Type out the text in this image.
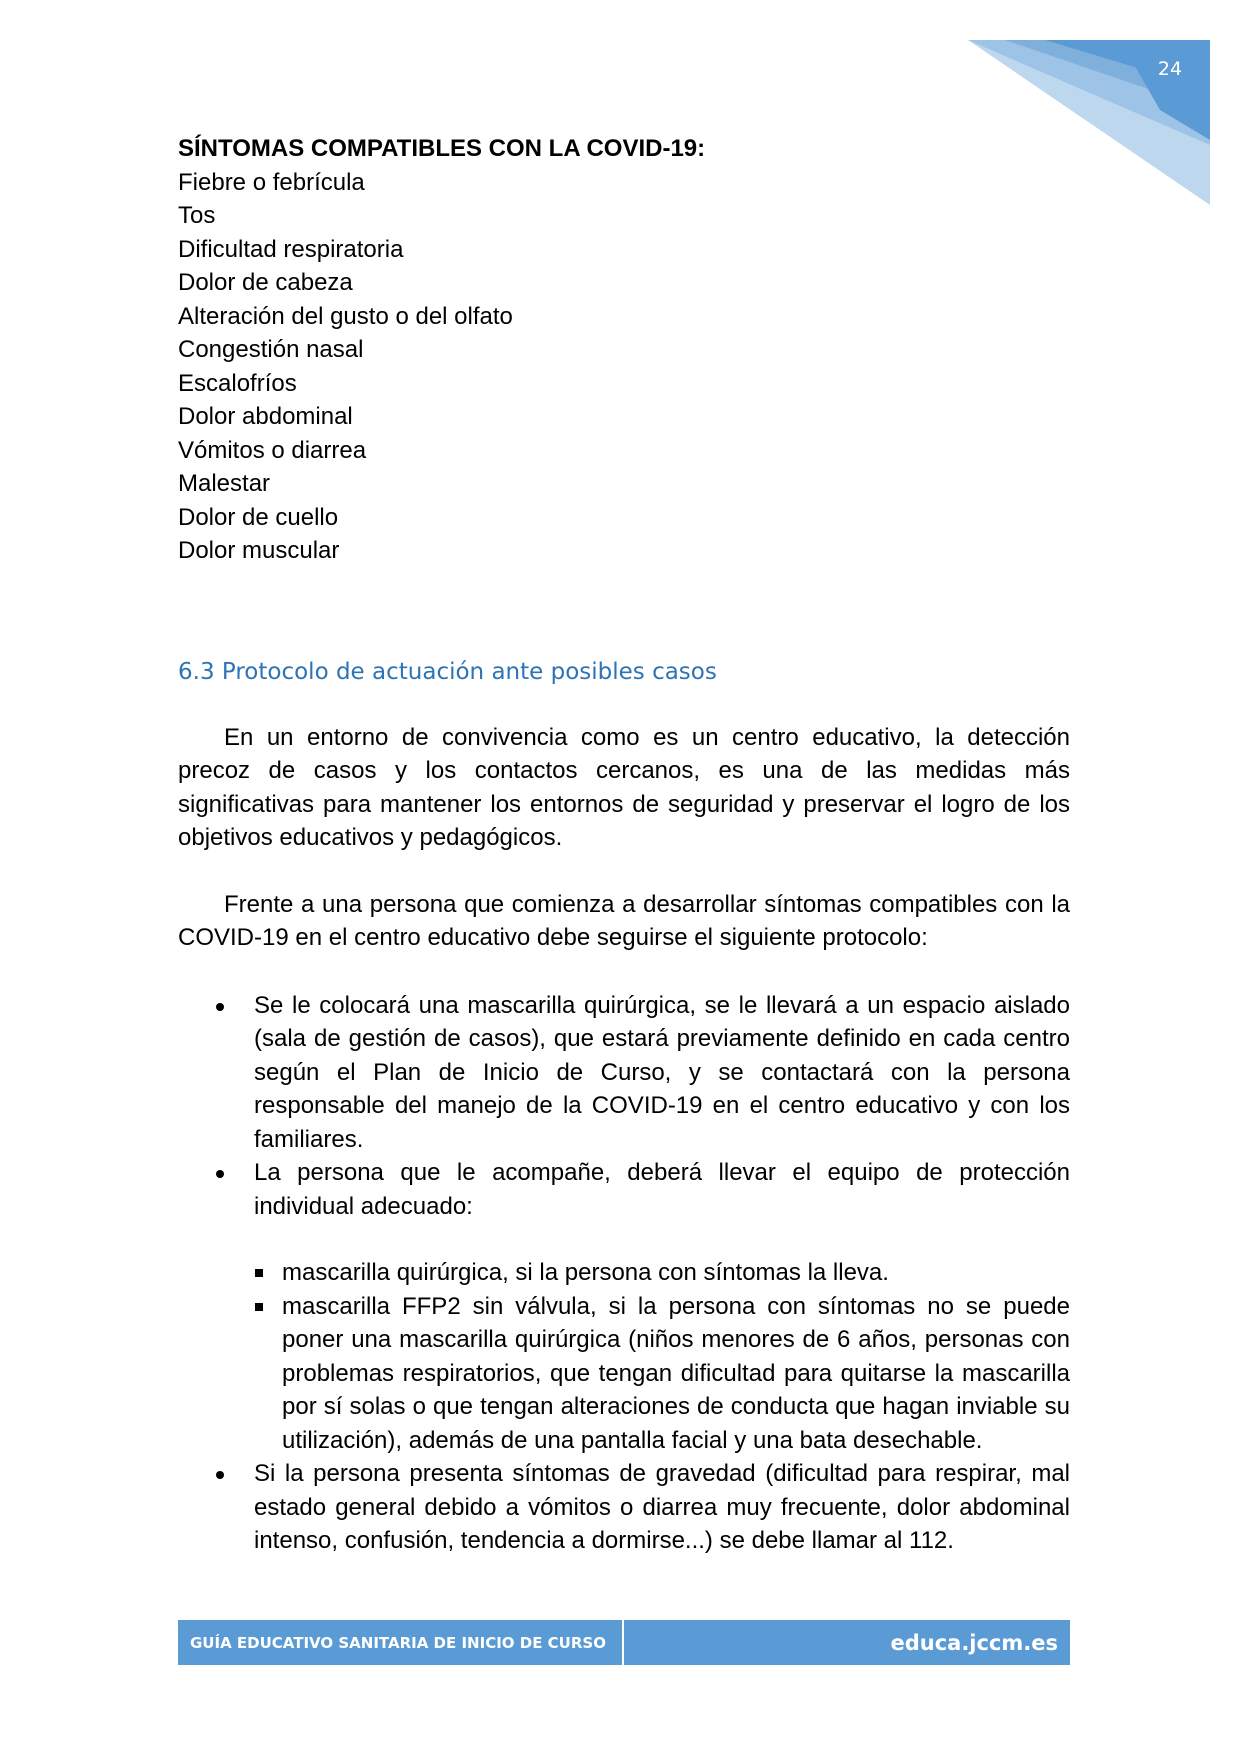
24

SÍNTOMAS COMPATIBLES CON LA COVID-19:

Fiebre o febrícula
Tos
Dificultad respiratoria
Dolor de cabeza
Alteración del gusto o del olfato
Congestión nasal
Escalofríos
Dolor abdominal
Vómitos o diarrea
Malestar
Dolor de cuello
Dolor muscular
6.3 Protocolo de actuación ante posibles casos

En un entorno de convivencia como es un centro educativo, la detección precoz de casos y los contactos cercanos, es una de las medidas más significativas para mantener los entornos de seguridad y preservar el logro de los objetivos educativos y pedagógicos.

Frente a una persona que comienza a desarrollar síntomas compatibles con la COVID-19 en el centro educativo debe seguirse el siguiente protocolo:

Se le colocará una mascarilla quirúrgica, se le llevará a un espacio aislado (sala de gestión de casos), que estará previamente definido en cada centro según el Plan de Inicio de Curso, y se contactará con la persona responsable del manejo de la COVID-19 en el centro educativo y con los familiares.
La persona que le acompañe, deberá llevar el equipo de protección individual adecuado:
mascarilla quirúrgica, si la persona con síntomas la lleva.
mascarilla FFP2 sin válvula, si la persona con síntomas no se puede poner una mascarilla quirúrgica (niños menores de 6 años, personas con problemas respiratorios, que tengan dificultad para quitarse la mascarilla por sí solas o que tengan alteraciones de conducta que hagan inviable su utilización), además de una pantalla facial y una bata desechable.
Si la persona presenta síntomas de gravedad (dificultad para respirar, mal estado general debido a vómitos o diarrea muy frecuente, dolor abdominal intenso, confusión, tendencia a dormirse...) se debe llamar al 112.
GUÍA EDUCATIVO SANITARIA DE INICIO DE CURSO	educa.jccm.es
